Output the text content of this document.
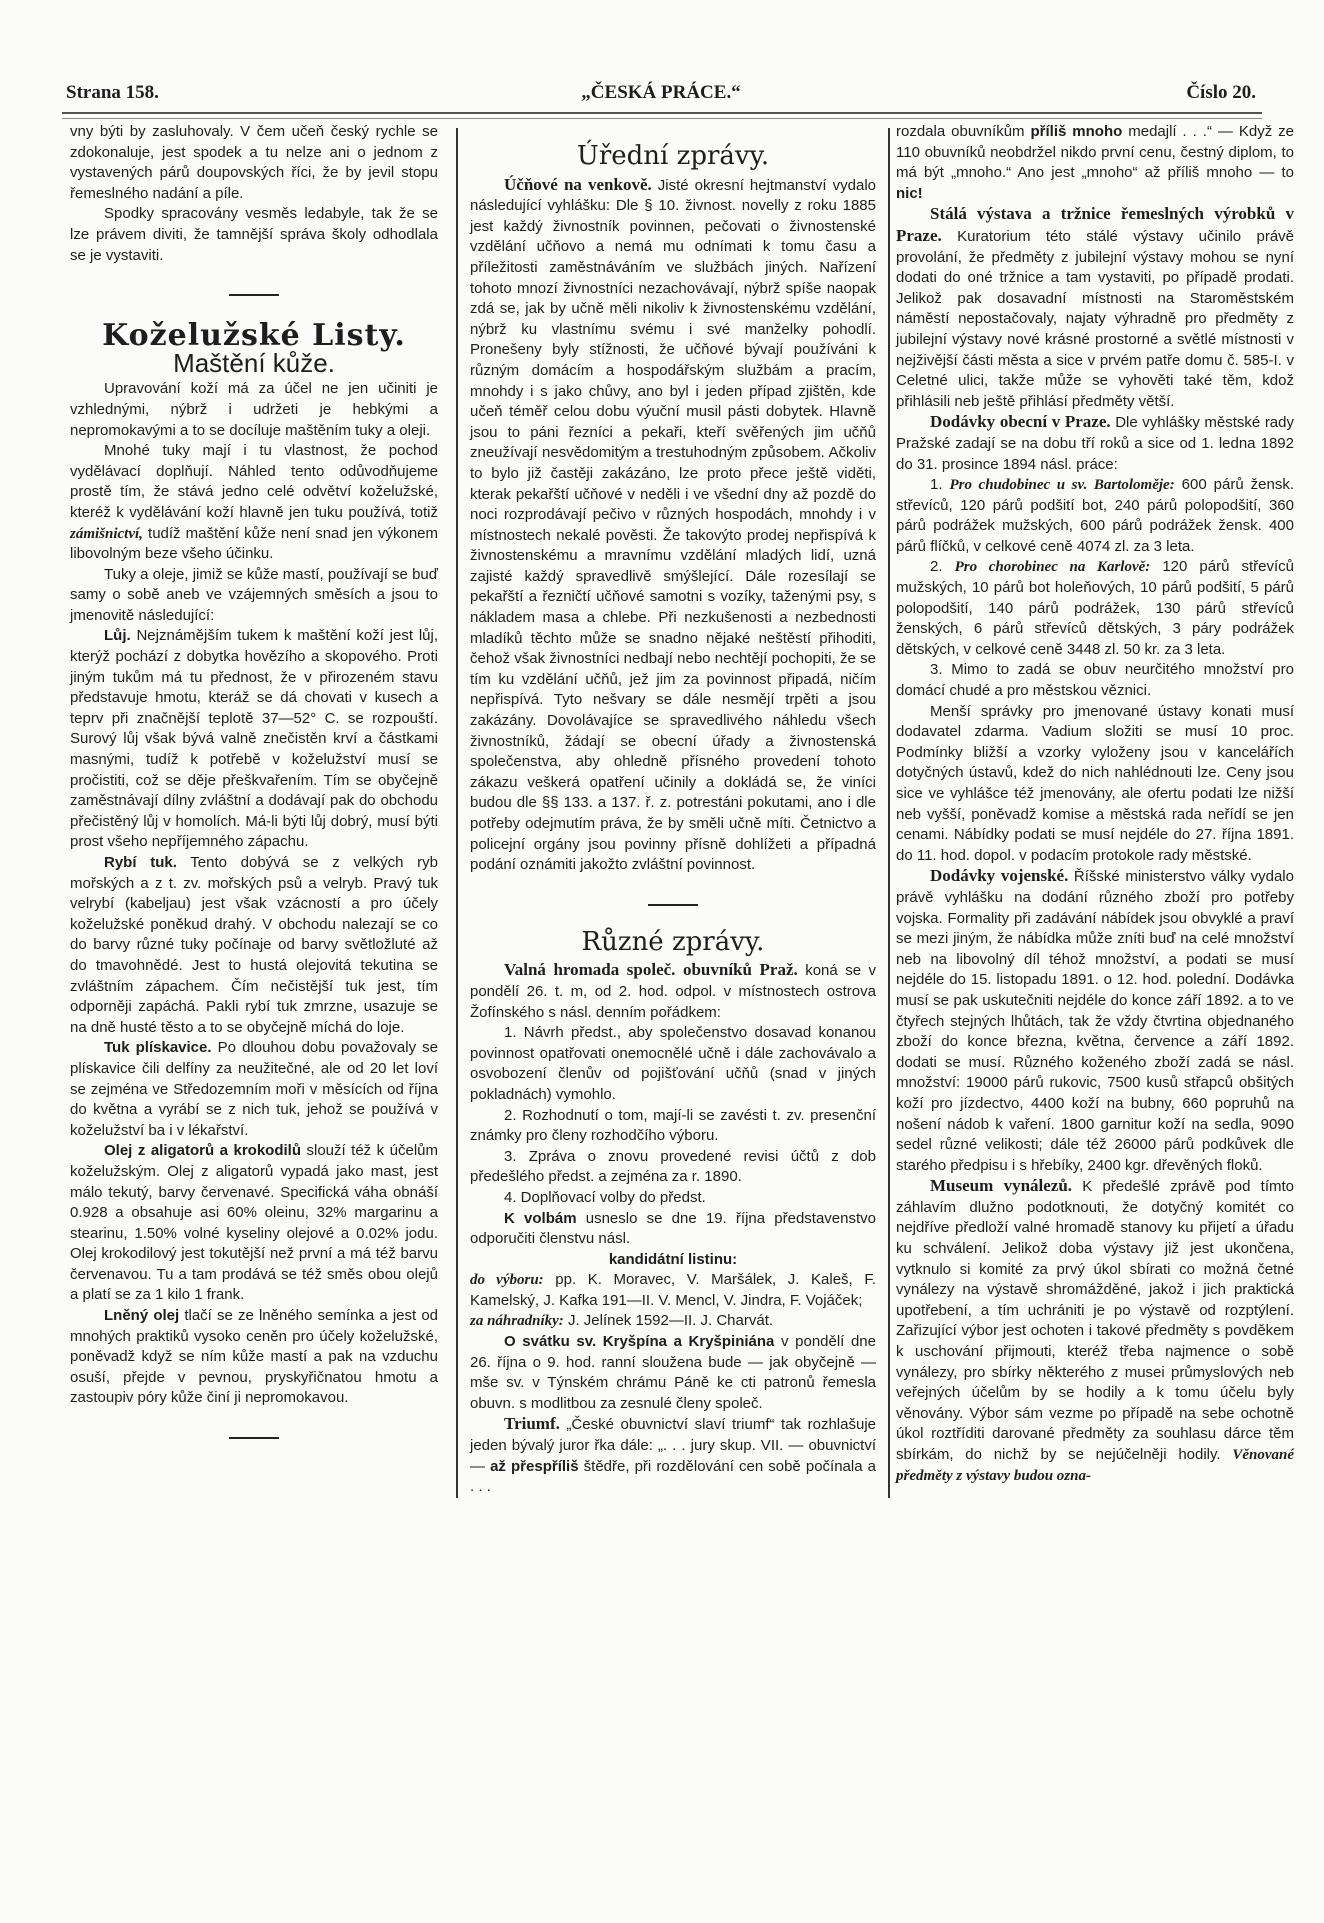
Strana 158.	„ČESKÁ PRÁCE.“	Číslo 20.
vny býti by zasluhovaly. V čem učeň český rychle se zdokonaluje, jest spodek a tu nelze ani o jednom z vystavených párů doupovských říci, že by jevil stopu řemeslného nadání a píle.
Spodky spracovány vesměs ledabyle, tak že se lze právem diviti, že tamnější správa školy odhodlala se je vystaviti.
Koželužské Listy.
Maštění kůže.
Upravování koží má za účel ne jen učiniti je vzhlednými, nýbrž i udržeti je hebkými a nepromokavými a to se docíluje maštěním tuky a oleji.
Mnohé tuky mají i tu vlastnost, že pochod vydělávací doplňují. Náhled tento odůvodňujeme prostě tím, že stává jedno celé odvětví koželužské, kteréž k vydělávání koží hlavně jen tuku používá, totiž zámišnictví, tudíž maštění kůže není snad jen výkonem libovolným beze všeho účinku.
Tuky a oleje, jimiž se kůže mastí, používají se buď samy o sobě aneb ve vzájemných směsích a jsou to jmenovitě následující:
Lůj. Nejznámějším tukem k maštění koží jest lůj, kterýž pochází z dobytka hovězího a skopového. Proti jiným tukům má tu přednost, že v přirozeném stavu představuje hmotu, kteráž se dá chovati v kusech a teprv při značnější teplotě 37—52° C. se rozpouští. Surový lůj však bývá valně znečistěn krví a částkami masnými, tudíž k potřebě v koželužství musí se pročistiti, což se děje přeškvařením. Tím se obyčejně zaměstnávají dílny zvláštní a dodávají pak do obchodu přečistěný lůj v homolích. Má-li býti lůj dobrý, musí býti prost všeho nepříjemného zápachu.
Rybí tuk. Tento dobývá se z velkých ryb mořských a z t. zv. mořských psů a velryb. Pravý tuk velrybí (kabeljau) jest však vzácností a pro účely koželužské poněkud drahý. V obchodu nalezají se co do barvy různé tuky počínaje od barvy světložluté až do tmavohnědé. Jest to hustá olejovitá tekutina se zvláštním zápachem. Čím nečistější tuk jest, tím odporněji zapáchá. Pakli rybí tuk zmrzne, usazuje se na dně husté těsto a to se obyčejně míchá do loje.
Tuk plískavice. Po dlouhou dobu považovaly se plískavice čili delfíny za neužitečné, ale od 20 let loví se zejména ve Středozemním moři v měsících od října do května a vyrábí se z nich tuk, jehož se používá v koželužství ba i v lékařství.
Olej z aligatorů a krokodilů slouží též k účelům koželužským. Olej z aligatorů vypadá jako mast, jest málo tekutý, barvy červenavé. Specifická váha obnáší 0.928 a obsahuje asi 60% oleinu, 32% margarinu a stearinu, 1.50% volné kyseliny olejové a 0.02% jodu. Olej krokodilový jest tokutější než první a má též barvu červenavou. Tu a tam prodává se též směs obou olejů a platí se za 1 kilo 1 frank.
Lněný olej tlačí se ze lněného semínka a jest od mnohých praktiků vysoko ceněn pro účely koželužské, poněvadž když se ním kůže mastí a pak na vzduchu osuší, přejde v pevnou, pryskyřičnatou hmotu a zastoupiv póry kůže činí ji nepromokavou.
Úřední zprávy.
Účňové na venkově. Jisté okresní hejtmanství vydalo následující vyhlášku: Dle § 10. živnost. novelly z roku 1885 jest každý živnostník povinnen, pečovati o živnostenské vzdělání učňovo a nemá mu odnímati k tomu času a příležitosti zaměstnáváním ve službách jiných. Nařízení tohoto mnozí živnostníci nezachovávají, nýbrž spíše naopak zdá se, jak by učně měli nikoliv k živnostenskému vzdělání, nýbrž ku vlastnímu svému i své manželky pohodlí. Pronešeny byly stížnosti, že učňové bývají používáni k různým domácím a hospodářským službám a pracím, mnohdy i s jako chůvy, ano byl i jeden případ zjištěn, kde učeň téměř celou dobu výuční musil pásti dobytek. Hlavně jsou to páni řezníci a pekaři, kteří svěřených jim učňů zneužívají nesvědomitým a trestuhodným způsobem. Ačkoliv to bylo již častěji zakázáno, lze proto přece ještě viděti, kterak pekařští učňové v neděli i ve všední dny až pozdě do noci rozprodávají pečivo v různých hospodách, mnohdy i v místnostech nekalé pověsti. Že takovýto prodej nepřispívá k živnostenskému a mravnímu vzdělání mladých lidí, uzná zajisté každý spravedlivě smýšlející. Dále rozesílají se pekařští a řezničtí učňové samotni s vozíky, taženými psy, s nákladem masa a chlebe. Při nezkušenosti a nezbednosti mladíků těchto může se snadno nějaké neštěstí přihoditi, čehož však živnostníci nedbají nebo nechtějí pochopiti, že se tím ku vzdělání učňů, jež jim za povinnost připadá, ničím nepřispívá. Tyto nešvary se dále nesmějí trpěti a jsou zakázány. Dovolávajíce se spravedlivého náhledu všech živnostníků, žádají se obecní úřady a živnostenská společenstva, aby ohledně přísného provedení tohoto zákazu veškerá opatření učinily a dokládá se, že viníci budou dle §§ 133. a 137. ř. z. potrestáni pokutami, ano i dle potřeby odejmutím práva, že by směli učně míti. Četnictvo a policejní orgány jsou povinny přísně dohlížeti a případná podání oznámiti jakožto zvláštní povinnost.
Různé zprávy.
Valná hromada společ. obuvníků Praž. koná se v pondělí 26. t. m, od 2. hod. odpol. v místnostech ostrova Žofínského s násl. denním pořádkem:
1. Návrh předst., aby společenstvo dosavad konanou povinnost opatřovati onemocnělé učně i dále zachovávalo a osvobození členův od pojišťování učňů (snad v jiných pokladnách) vymohlo.
2. Rozhodnutí o tom, mají-li se zavésti t. zv. presenční známky pro členy rozhodčího výboru.
3. Zpráva o znovu provedené revisi účtů z dob předešlého předst. a zejména za r. 1890.
4. Doplňovací volby do předst.
K volbám usneslo se dne 19. října představenstvo odporučiti členstvu násl.
kandidátní listinu:
do výboru: pp. K. Moravec, V. Maršálek, J. Kaleš, F. Kamelský, J. Kafka 191—II. V. Mencl, V. Jindra, F. Vojáček;
za náhradníky: J. Jelínek 1592—II. J. Charvát.
O svátku sv. Kryšpína a Kryšpiniána v pondělí dne 26. října o 9. hod. ranní sloužena bude — jak obyčejně — mše sv. v Týnském chrámu Páně ke cti patronů řemesla obuvn. s modlitbou za zesnulé členy společ.
Triumf. „České obuvnictví slaví triumf“ tak rozhlašuje jeden bývalý juror řka dále: „. . . jury skup. VII. — obuvnictví — až přespříliš štědře, při rozdělování cen sobě počínala a . . .
rozdala obuvníkům příliš mnoho medajlí . . .“ — Když ze 110 obuvníků neobdržel nikdo první cenu, čestný diplom, to má být „mnoho.“ Ano jest „mnoho“ až příliš mnoho — to nic!
Stálá výstava a tržnice řemeslných výrobků v Praze. Kuratorium této stálé výstavy učinilo právě provolání, že předměty z jubilejní výstavy mohou se nyní dodati do oné tržnice a tam vystaviti, po případě prodati. Jelikož pak dosavadní místnosti na Staroměstském náměstí nepostačovaly, najaty výhradně pro předměty z jubilejní výstavy nové krásné prostorné a světlé místnosti v nejživější části města a sice v prvém patře domu č. 585-I. v Celetné ulici, takže může se vyhověti také těm, kdož přihlásili neb ještě přihlásí předměty větší.
Dodávky obecní v Praze. Dle vyhlášky městské rady Pražské zadají se na dobu tří roků a sice od 1. ledna 1892 do 31. prosince 1894 násl. práce:
1. Pro chudobinec u sv. Bartoloměje: 600 párů žensk. střevíců, 120 párů podšití bot, 240 párů polopodšití, 360 párů podrážek mužských, 600 párů podrážek žensk. 400 párů flíčků, v celkové ceně 4074 zl. za 3 leta.
2. Pro chorobinec na Karlově: 120 párů střevíců mužských, 10 párů bot holeňových, 10 párů podšití, 5 párů polopodšití, 140 párů podrážek, 130 párů střevíců ženských, 6 párů střevíců dětských, 3 páry podrážek dětských, v celkové ceně 3448 zl. 50 kr. za 3 leta.
3. Mimo to zadá se obuv neurčitého množství pro domácí chudé a pro městskou věznici.
Menší správky pro jmenované ústavy konati musí dodavatel zdarma. Vadium složiti se musí 10 proc. Podmínky bližší a vzorky vyloženy jsou v kancelářích dotyčných ústavů, kdež do nich nahlédnouti lze. Ceny jsou sice ve vyhlášce též jmenovány, ale ofertu podati lze nižší neb vyšší, poněvadž komise a městská rada neřídí se jen cenami. Nábídky podati se musí nejdéle do 27. října 1891. do 11. hod. dopol. v podacím protokole rady městské.
Dodávky vojenské. Říšské ministerstvo války vydalo právě vyhlášku na dodání různého zboží pro potřeby vojska. Formality při zadávání nábídek jsou obvyklé a praví se mezi jiným, že nábídka může zníti buď na celé množství neb na libovolný díl téhož množství, a podati se musí nejdéle do 15. listopadu 1891. o 12. hod. polední. Dodávka musí se pak uskutečniti nejdéle do konce září 1892. a to ve čtyřech stejných lhůtách, tak že vždy čtvrtina objednaného zboží do konce března, května, července a září 1892. dodati se musí. Různého koženého zboží zadá se násl. množství: 19000 párů rukovic, 7500 kusů střapců obšitých koží pro jízdectvo, 4400 koží na bubny, 660 popruhů na nošení nádob k vaření. 1800 garnitur koží na sedla, 9090 sedel různé velikosti; dále též 26000 párů podkůvek dle starého předpisu i s hřebíky, 2400 kgr. dřevěných floků.
Museum vynálezů. K předešlé zprávě pod tímto záhlavím dlužno podotknouti, že dotyčný komitét co nejdříve předloží valné hromadě stanovy ku přijetí a úřadu ku schválení. Jelikož doba výstavy již jest ukončena, vytknulo si komité za prvý úkol sbírati co možná četné vynálezy na výstavě shromážděné, jakož i jich praktická upotřebení, a tím uchrániti je po výstavě od rozptýlení. Zařizující výbor jest ochoten i takové předměty s povděkem k uschování přijmouti, kteréž třeba najmence o sobě vynálezy, pro sbírky některého z musei průmyslových neb veřejných účelům by se hodily a k tomu účelu byly věnovány. Výbor sám vezme po případě na sebe ochotně úkol roztříditi darované předměty za souhlasu dárce těm sbírkám, do nichž by se nejúčelněji hodily. Věnované předměty z výstavy budou ozna-
